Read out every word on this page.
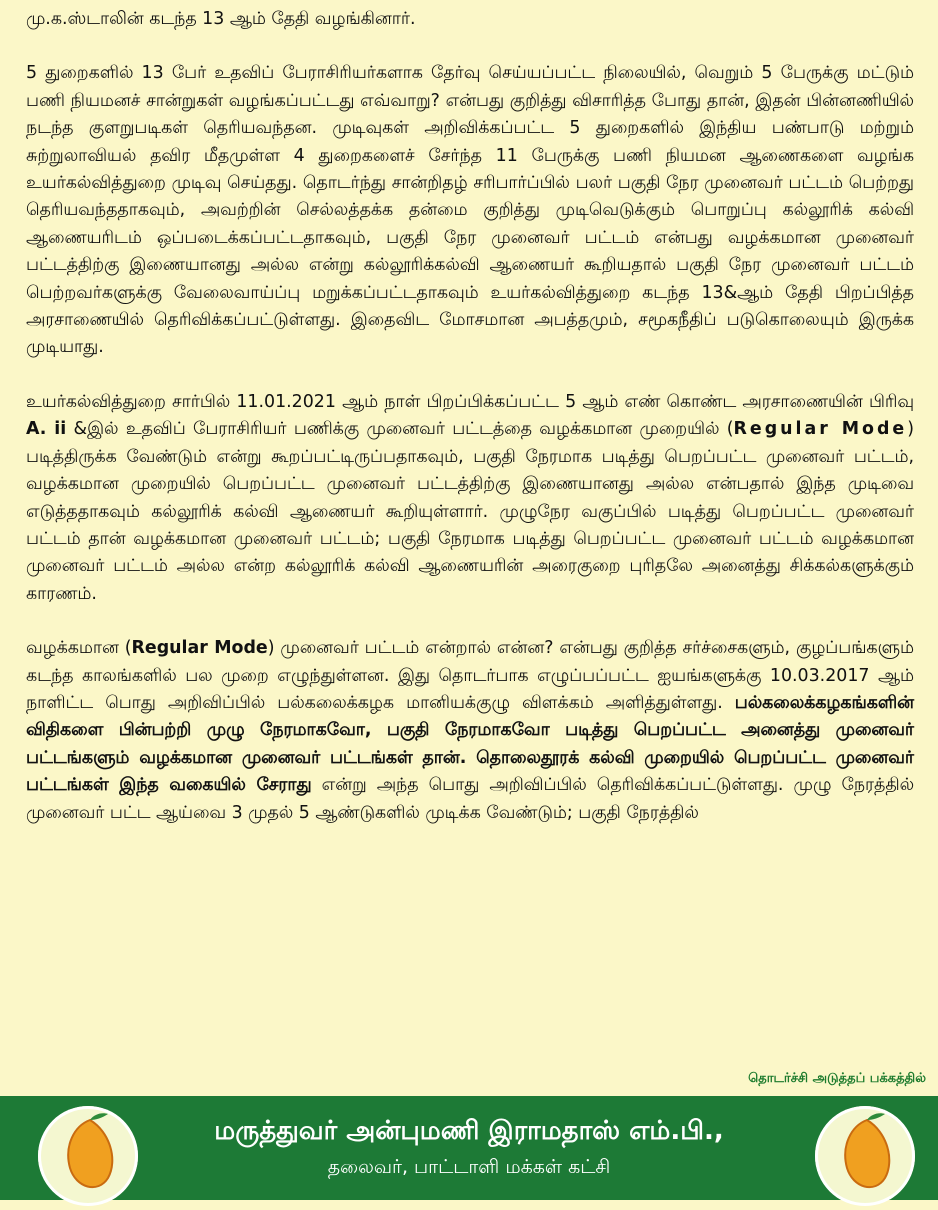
மு.க.ஸ்டாலின் கடந்த 13 ஆம் தேதி வழங்கினார்.

5 துறைகளில் 13 பேர் உதவிப் பேராசிரியர்களாக தேர்வு செய்யப்பட்ட நிலையில், வெறும் 5 பேருக்கு மட்டும் பணி நியமனச் சான்றுகள் வழங்கப்பட்டது எவ்வாறு? என்பது குறித்து விசாரித்த போது தான், இதன் பின்னணியில் நடந்த குளறுபடிகள் தெரியவந்தன. முடிவுகள் அறிவிக்கப்பட்ட 5 துறைகளில் இந்திய பண்பாடு மற்றும் சுற்றுலாவியல் தவிர மீதமுள்ள 4 துறைகளைச் சேர்ந்த 11 பேருக்கு பணி நியமன ஆணைகளை வழங்க உயர்கல்வித்துறை முடிவு செய்தது. தொடர்ந்து சான்றிதழ் சரிபார்ப்பில் பலர் பகுதி நேர முனைவர் பட்டம் பெற்றது தெரியவந்ததாகவும், அவற்றின் செல்லத்தக்க தன்மை குறித்து முடிவெடுக்கும் பொறுப்பு கல்லூரிக் கல்வி ஆணையரிடம் ஒப்படைக்கப்பட்டதாகவும், பகுதி நேர முனைவர் பட்டம் என்பது வழக்கமான முனைவர் பட்டத்திற்கு இணையானது அல்ல என்று கல்லூரிக்கல்வி ஆணையர் கூறியதால் பகுதி நேர முனைவர் பட்டம் பெற்றவர்களுக்கு வேலைவாய்ப்பு மறுக்கப்பட்டதாகவும் உயர்கல்வித்துறை கடந்த 13&ஆம் தேதி பிறப்பித்த அரசாணையில் தெரிவிக்கப்பட்டுள்ளது. இதைவிட மோசமான அபத்தமும், சமூகநீதிப் படுகொலையும் இருக்க முடியாது.

உயர்கல்வித்துறை சார்பில் 11.01.2021 ஆம் நாள் பிறப்பிக்கப்பட்ட 5 ஆம் எண் கொண்ட அரசாணையின் பிரிவு A. ii &இல் உதவிப் பேராசிரியர் பணிக்கு முனைவர் பட்டத்தை வழக்கமான முறையில் (Regular Mode) படித்திருக்க வேண்டும் என்று கூறப்பட்டிருப்பதாகவும், பகுதி நேரமாக படித்து பெறப்பட்ட முனைவர் பட்டம், வழக்கமான முறையில் பெறப்பட்ட முனைவர் பட்டத்திற்கு இணையானது அல்ல என்பதால் இந்த முடிவை எடுத்ததாகவும் கல்லூரிக் கல்வி ஆணையர் கூறியுள்ளார். முழுநேர வகுப்பில் படித்து பெறப்பட்ட முனைவர் பட்டம் தான் வழக்கமான முனைவர் பட்டம்; பகுதி நேரமாக படித்து பெறப்பட்ட முனைவர் பட்டம் வழக்கமான முனைவர் பட்டம் அல்ல என்ற கல்லூரிக் கல்வி ஆணையரின் அரைகுறை புரிதலே அனைத்து சிக்கல்களுக்கும் காரணம்.

வழக்கமான (Regular Mode) முனைவர் பட்டம் என்றால் என்ன? என்பது குறித்த சர்ச்சைகளும், குழப்பங்களும் கடந்த காலங்களில் பல முறை எழுந்துள்ளன. இது தொடர்பாக எழுப்பப்பட்ட ஐயங்களுக்கு 10.03.2017 ஆம் நாளிட்ட பொது அறிவிப்பில் பல்கலைக்கழக மானியக்குழு விளக்கம் அளித்துள்ளது. பல்கலைக்கழகங்களின் விதிகளை பின்பற்றி முழு நேரமாகவோ, பகுதி நேரமாகவோ படித்து பெறப்பட்ட அனைத்து முனைவர் பட்டங்களும் வழக்கமான முனைவர் பட்டங்கள் தான். தொலைதூரக் கல்வி முறையில் பெறப்பட்ட முனைவர் பட்டங்கள் இந்த வகையில் சேராது என்று அந்த பொது அறிவிப்பில் தெரிவிக்கப்பட்டுள்ளது. முழு நேரத்தில் முனைவர் பட்ட ஆய்வை 3 முதல் 5 ஆண்டுகளில் முடிக்க வேண்டும்; பகுதி நேரத்தில்

தொடர்ச்சி அடுத்தப் பக்கத்தில்
மருத்துவர் அன்புமணி இராமதாஸ் எம்.பி.,
தலைவர், பாட்டாளி மக்கள் கட்சி
